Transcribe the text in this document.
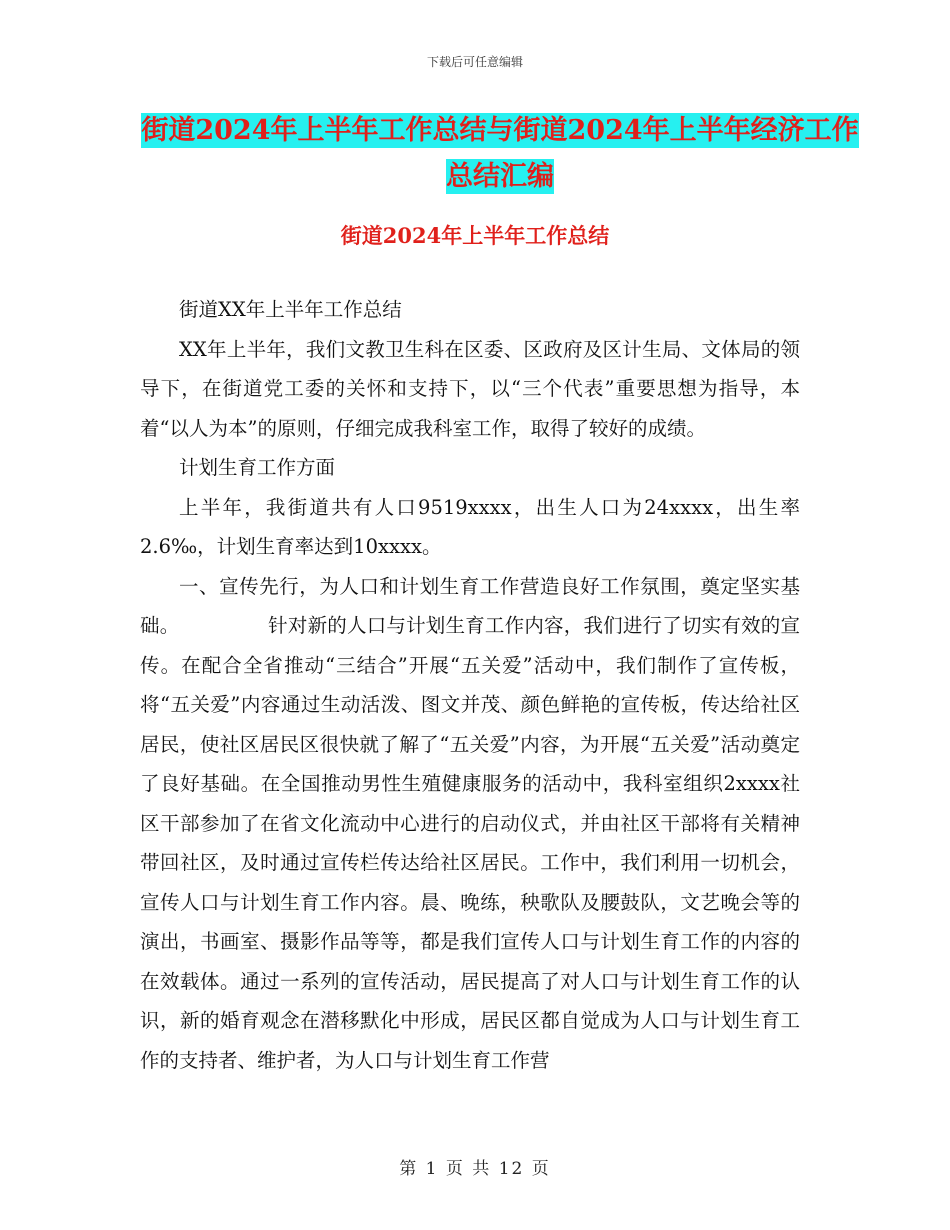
下载后可任意编辑
街道2024年上半年工作总结与街道2024年上半年经济工作总结汇编
街道2024年上半年工作总结

街道XX年上半年工作总结

XX年上半年，我们文教卫生科在区委、区政府及区计生局、文体局的领导下，在街道党工委的关怀和支持下，以“三个代表”重要思想为指导，本着“以人为本”的原则，仔细完成我科室工作，取得了较好的成绩。

计划生育工作方面

上半年，我街道共有人口9519xxxx，出生人口为24xxxx，出生率2.6‰，计划生育率达到10xxxx。

一、宣传先行，为人口和计划生育工作营造良好工作氛围，奠定坚实基础。　　　　　针对新的人口与计划生育工作内容，我们进行了切实有效的宣传。在配合全省推动“三结合”开展“五关爱”活动中，我们制作了宣传板，将“五关爱”内容通过生动活泼、图文并茂、颜色鲜艳的宣传板，传达给社区居民，使社区居民区很快就了解了“五关爱”内容，为开展“五关爱”活动奠定了良好基础。在全国推动男性生殖健康服务的活动中，我科室组织2xxxx社区干部参加了在省文化流动中心进行的启动仪式，并由社区干部将有关精神带回社区，及时通过宣传栏传达给社区居民。工作中，我们利用一切机会，宣传人口与计划生育工作内容。晨、晚练，秧歌队及腰鼓队，文艺晚会等的演出，书画室、摄影作品等等，都是我们宣传人口与计划生育工作的内容的在效载体。通过一系列的宣传活动，居民提高了对人口与计划生育工作的认识，新的婚育观念在潜移默化中形成，居民区都自觉成为人口与计划生育工作的支持者、维护者，为人口与计划生育工作营

第 1 页 共 12 页
